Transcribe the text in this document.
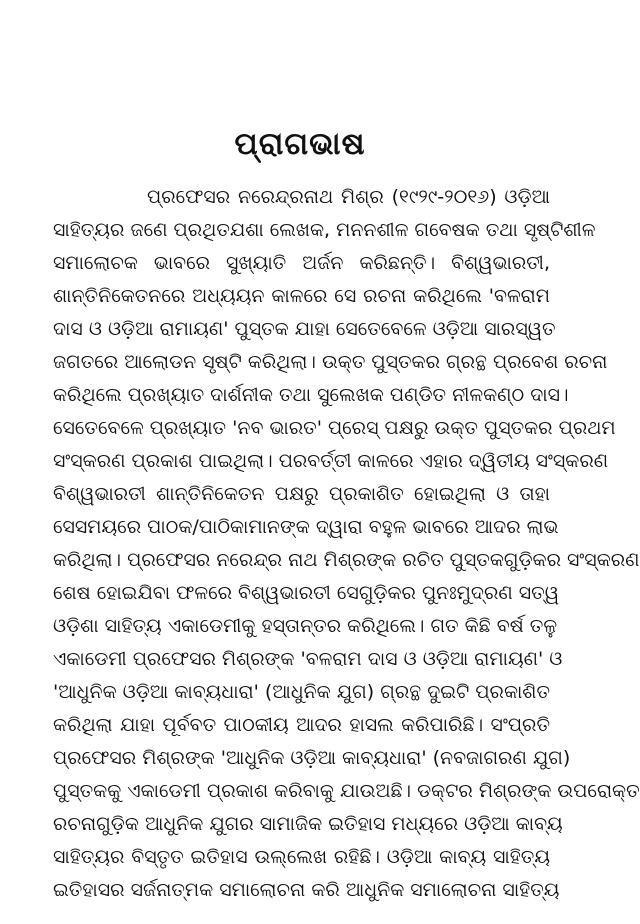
ପ୍ରାଗଭାଷ
ପ୍ରଫେସର ନରେନ୍ଦ୍ରନାଥ ମିଶ୍ର (୧୯୨୯-୨୦୧୬) ଓଡ଼ିଆ
ସାହିତ୍ୟର ଜଣେ ପ୍ରଥିତଯଶା ଲେଖକ, ମନନଶୀଳ ଗବେଷକ ତଥା ସୃଷ୍ଟିଶୀଳ
ସମାଲୋଚକ ଭାବରେ ସୁଖ୍ୟାତି ଅର୍ଜନ କରିଛନ୍ତି। ବିଶ୍ୱଭାରତୀ,
ଶାନ୍ତିନିକେତନରେ ଅଧ୍ୟୟନ କାଳରେ ସେ ରଚନା କରିଥିଲେ 'ବଳରାମ
ଦାସ ଓ ଓଡ଼ିଆ ରାମାୟଣ' ପୁସ୍ତକ ଯାହା ସେତେବେଳେ ଓଡ଼ିଆ ସାରସ୍ୱତ
ଜଗତରେ ଆଲୋଡନ ସୃଷ୍ଟି କରିଥିଲା। ଉକ୍ତ ପୁସ୍ତକର ଗ୍ରନ୍ଥ ପ୍ରବେଶ ରଚନା
କରିଥିଲେ ପ୍ରଖ୍ୟାତ ଦାର୍ଶନୀକ ତଥା ସୁଲେଖକ ପଣ୍ଡିତ ନୀଳକଣ୍ଠ ଦାସ।
ସେତେବେଳେ ପ୍ରଖ୍ୟାତ 'ନବ ଭାରତ' ପ୍ରେସ୍ ପକ୍ଷରୁ ଉକ୍ତ ପୁସ୍ତକର ପ୍ରଥମ
ସଂସ୍କରଣ ପ୍ରକାଶ ପାଇଥିଲା। ପରବର୍ତ୍ତୀ କାଳରେ ଏହାର ଦ୍ୱିତୀୟ ସଂସ୍କରଣ
ବିଶ୍ୱଭାରତୀ ଶାନ୍ତିନିକେତନ ପକ୍ଷରୁ ପ୍ରକାଶିତ ହୋଇଥିଲା ଓ ତାହା
ସେସମୟରେ ପାଠକ/ପାଠିକାମାନଙ୍କ ଦ୍ୱାରା ବହୁଳ ଭାବରେ ଆଦର ଲାଭ
କରିଥିଲା। ପ୍ରଫେସର ନରେନ୍ଦ୍ର ନାଥ ମିଶ୍ରଙ୍କ ରଚିତ ପୁସ୍ତକଗୁଡ଼ିକର ସଂସ୍କରଣ
ଶେଷ ହୋଇଯିବା ଫଳରେ ବିଶ୍ୱଭାରତୀ ସେଗୁଡ଼ିକର ପୁନଃମୁଦ୍ରଣ ସତ୍ୱ
ଓଡ଼ିଶା ସାହିତ୍ୟ ଏକାଡେମୀକୁ ହସ୍ତାନ୍ତର କରିଥିଲେ। ଗତ କିଛି ବର୍ଷ ତଳୁ
ଏକାଡେମୀ ପ୍ରଫେସର ମିଶ୍ରଙ୍କ 'ବଳରାମ ଦାସ ଓ ଓଡ଼ିଆ ରାମାୟଣ' ଓ
'ଆଧୁନିକ ଓଡ଼ିଆ କାବ୍ୟଧାରା' (ଆଧୁନିକ ଯୁଗ) ଗ୍ରନ୍ଥ ଦୁଇଟି ପ୍ରକାଶିତ
କରିଥିଲା ଯାହା ପୂର୍ବବତ ପାଠକୀୟ ଆଦର ହାସଲ କରିପାରିଛି। ସଂପ୍ରତି
ପ୍ରଫେସର ମିଶ୍ରଙ୍କ 'ଆଧୁନିକ ଓଡ଼ିଆ କାବ୍ୟଧାରା' (ନବଜାଗରଣ ଯୁଗ)
ପୁସ୍ତକକୁ ଏକାଡେମୀ ପ୍ରକାଶ କରିବାକୁ ଯାଉଅଛି। ଡକ୍ଟର ମିଶ୍ରଙ୍କ ଉପରୋକ୍ତ
ରଚନାଗୁଡ଼ିକ ଆଧୁନିକ ଯୁଗର ସାମାଜିକ ଇତିହାସ ମଧ୍ୟରେ ଓଡ଼ିଆ କାବ୍ୟ
ସାହିତ୍ୟର ବିସ୍ତୃତ ଇତିହାସ ଉଲ୍ଲେଖ ରହିଛି। ଓଡ଼ିଆ କାବ୍ୟ ସାହିତ୍ୟ
ଇତିହାସର ସର୍ଜନାତ୍ମକ ସମାଲୋଚନା କରି ଆଧୁନିକ ସମାଲୋଚନା ସାହିତ୍ୟ
